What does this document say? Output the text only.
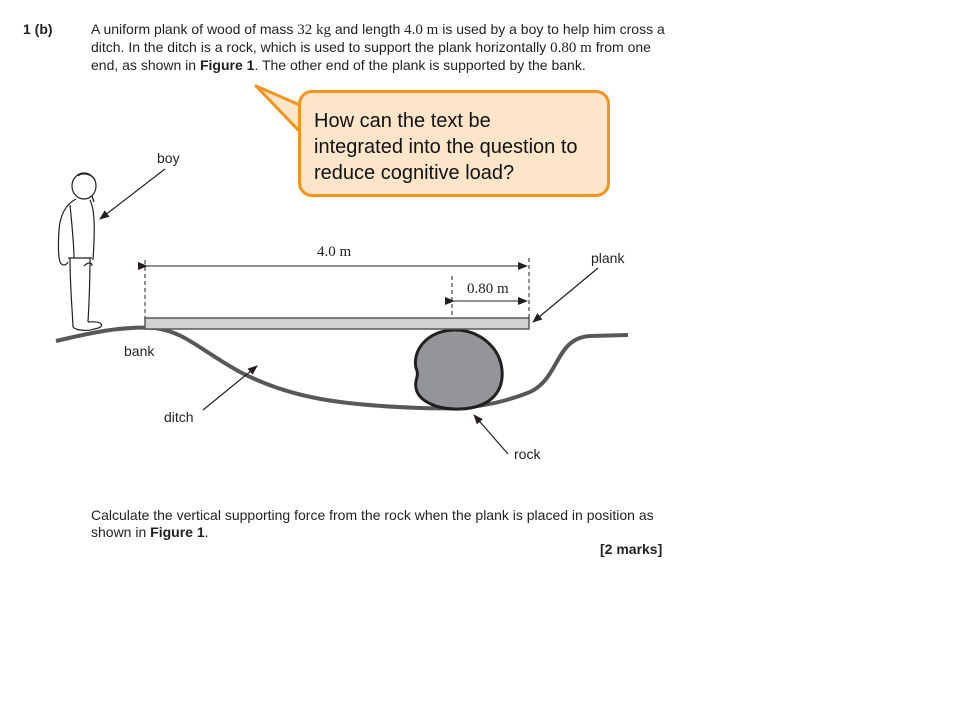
1 (b)	A uniform plank of wood of mass 32 kg and length 4.0 m is used by a boy to help him cross a ditch. In the ditch is a rock, which is used to support the plank horizontally 0.80 m from one end, as shown in Figure 1. The other end of the plank is supported by the bank.
How can the text be
integrated into the question to
reduce cognitive load?
boy
plank
bank
ditch
rock
4.0 m
0.80 m
Calculate the vertical supporting force from the rock when the plank is placed in position as shown in Figure 1.
[2 marks]
